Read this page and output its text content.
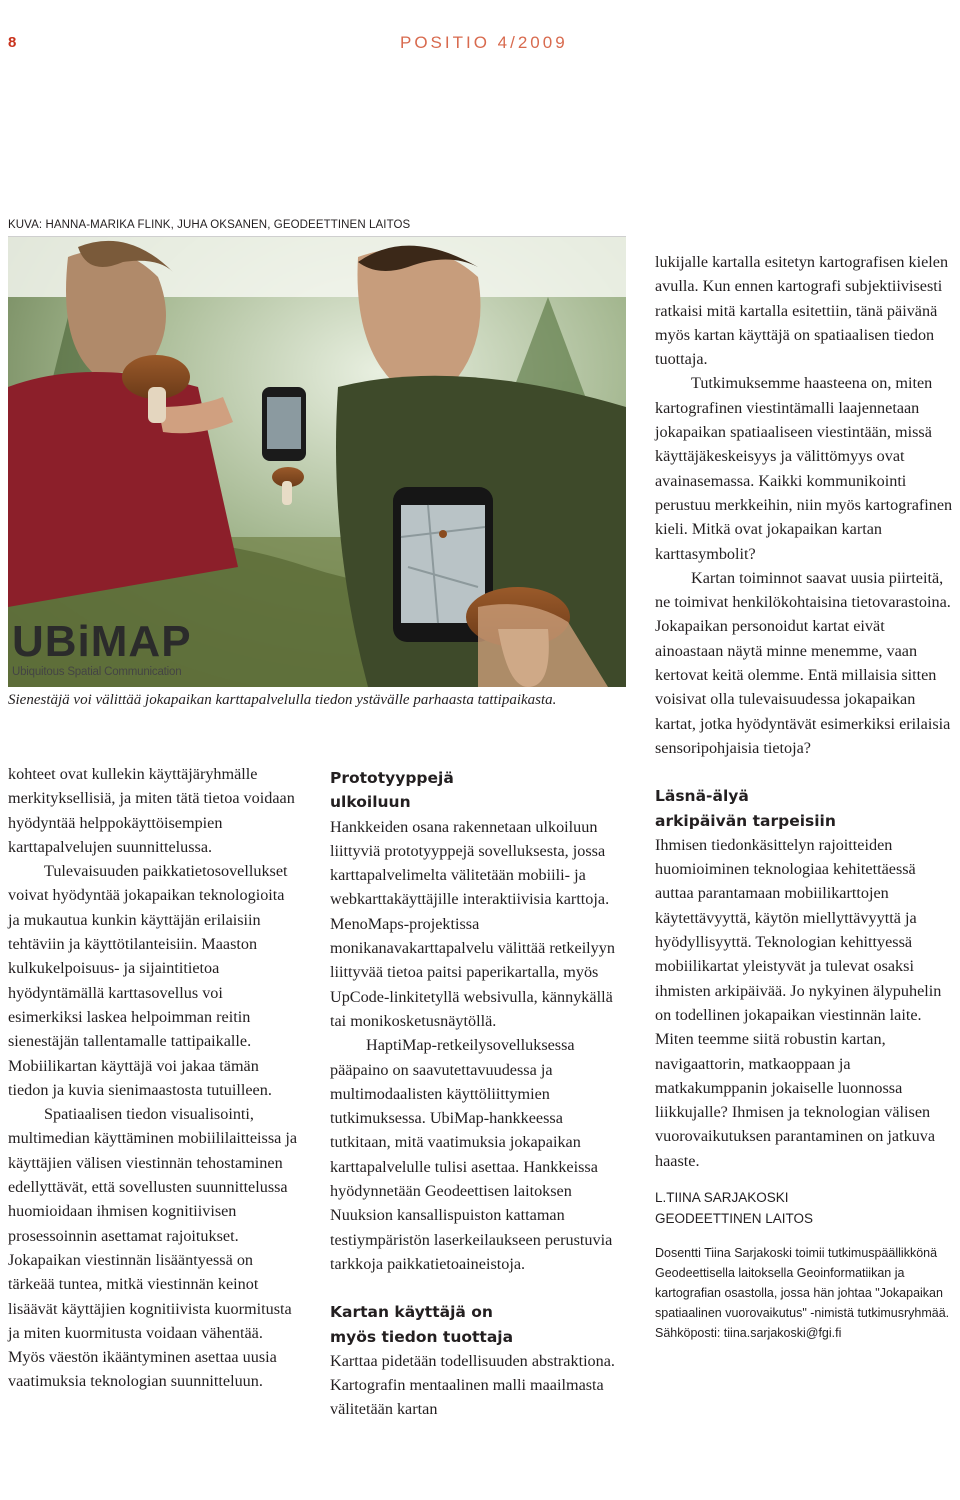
8	POSITIO 4/2009
KUVA: HANNA-MARIKA FLINK, JUHA OKSANEN, GEODEETTINEN LAITOS
UBiMAP
Ubiquitous Spatial Communication
Sienestäjä voi välittää jokapaikan karttapalvelulla tiedon ystävälle parhaasta tattipaikasta.

kohteet ovat kullekin käyttäjäryhmälle merkityksellisiä, ja miten tätä tietoa voidaan hyödyntää helppokäyttöisempien karttapalvelujen suunnittelussa.

Tulevaisuuden paikkatietosovellukset voivat hyödyntää jokapaikan teknologioita ja mukautua kunkin käyttäjän erilaisiin tehtäviin ja käyttötilanteisiin. Maaston kulkukelpoisuus- ja sijaintitietoa hyödyntämällä karttasovellus voi esimerkiksi laskea helpoimman reitin sienestäjän tallentamalle tattipaikalle. Mobiilikartan käyttäjä voi jakaa tämän tiedon ja kuvia sienimaastosta tutuilleen.

Spatiaalisen tiedon visualisointi, multimedian käyttäminen mobiililaitteissa ja käyttäjien välisen viestinnän tehostaminen edellyttävät, että sovellusten suunnittelussa huomioidaan ihmisen kognitiivisen prosessoinnin asettamat rajoitukset. Jokapaikan viestinnän lisääntyessä on tärkeää tuntea, mitkä viestinnän keinot lisäävät käyttäjien kognitiivista kuormitusta ja miten kuormitusta voidaan vähentää. Myös väestön ikääntyminen asettaa uusia vaatimuksia teknologian suunnitteluun.

Prototyyppejä
ulkoiluun

Hankkeiden osana rakennetaan ulkoiluun liittyviä prototyyppejä sovelluksesta, jossa karttapalvelimelta välitetään mobiili- ja webkarttakäyttäjille interaktiivisia karttoja. MenoMaps-projektissa monikanavakarttapalvelu välittää retkeilyyn liittyvää tietoa paitsi paperikartalla, myös UpCode-linkitetyllä websivulla, kännykällä tai monikosketusnäytöllä.

HaptiMap-retkeilysovelluksessa pääpaino on saavutettavuudessa ja multimodaalisten käyttöliittymien tutkimuksessa. UbiMap-hankkeessa tutkitaan, mitä vaatimuksia jokapaikan karttapalvelulle tulisi asettaa. Hankkeissa hyödynnetään Geodeettisen laitoksen Nuuksion kansallispuiston kattaman testiympäristön laserkeilaukseen perustuvia tarkkoja paikkatietoaineistoja.

Kartan käyttäjä on
myös tiedon tuottaja

Karttaa pidetään todellisuuden abstraktiona. Kartografin mentaalinen malli maailmasta välitetään kartan

lukijalle kartalla esitetyn kartografisen kielen avulla. Kun ennen kartografi subjektiivisesti ratkaisi mitä kartalla esitettiin, tänä päivänä myös kartan käyttäjä on spatiaalisen tiedon tuottaja.

Tutkimuksemme haasteena on, miten kartografinen viestintämalli laajennetaan jokapaikan spatiaaliseen viestintään, missä käyttäjäkeskeisyys ja välittömyys ovat avainasemassa. Kaikki kommunikointi perustuu merkkeihin, niin myös kartografinen kieli. Mitkä ovat jokapaikan kartan karttasymbolit?

Kartan toiminnot saavat uusia piirteitä, ne toimivat henkilökohtaisina tietovarastoina. Jokapaikan personoidut kartat eivät ainoastaan näytä minne menemme, vaan kertovat keitä olemme. Entä millaisia sitten voisivat olla tulevaisuudessa jokapaikan kartat, jotka hyödyntävät esimerkiksi erilaisia sensoripohjaisia tietoja?

Läsnä-älyä
arkipäivän tarpeisiin

Ihmisen tiedonkäsittelyn rajoitteiden huomioiminen teknologiaa kehitettäessä auttaa parantamaan mobiilikarttojen käytettävyyttä, käytön miellyttävyyttä ja hyödyllisyyttä. Teknologian kehittyessä mobiilikartat yleistyvät ja tulevat osaksi ihmisten arkipäivää. Jo nykyinen älypuhelin on todellinen jokapaikan viestinnän laite. Miten teemme siitä robustin kartan, navigaattorin, matkaoppaan ja matkakumppanin jokaiselle luonnossa liikkujalle? Ihmisen ja teknologian välisen vuorovaikutuksen parantaminen on jatkuva haaste.

L.TIINA SARJAKOSKI
GEODEETTINEN LAITOS
Dosentti Tiina Sarjakoski toimii tutkimuspäällikkönä Geodeettisella laitoksella Geoinformatiikan ja kartografian osastolla, jossa hän johtaa "Jokapaikan spatiaalinen vuorovaikutus" -nimistä tutkimusryhmää. Sähköposti: tiina.sarjakoski@fgi.fi
